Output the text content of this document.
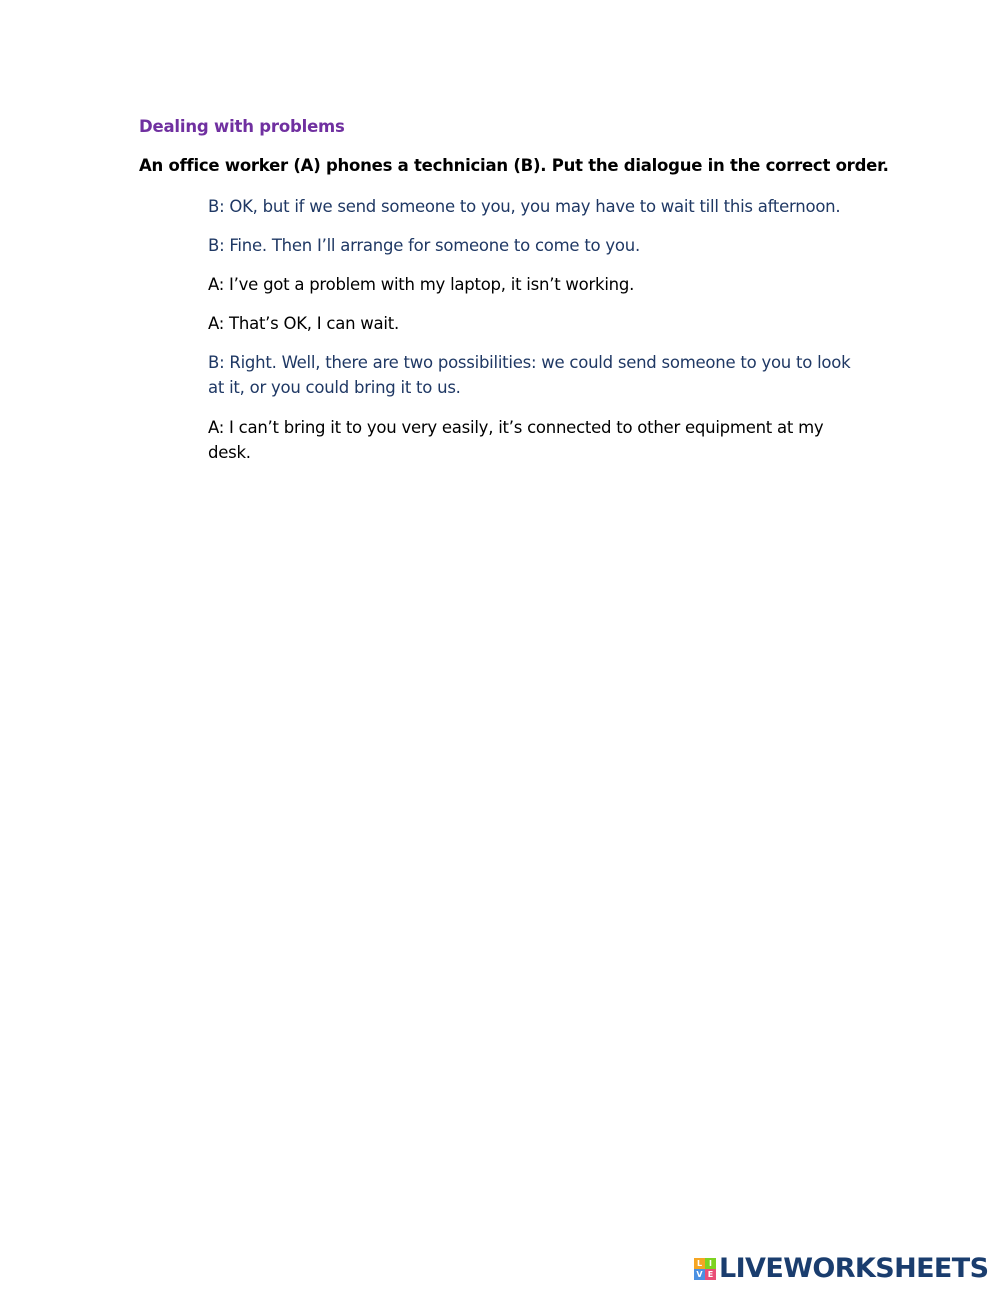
Dealing with problems
An office worker (A) phones a technician (B). Put the dialogue in the correct order.
B: OK, but if we send someone to you, you may have to wait till this afternoon.
B: Fine. Then I’ll arrange for someone to come to you.
A: I’ve got a problem with my laptop, it isn’t working.
A: That’s OK, I can wait.
B: Right. Well, there are two possibilities: we could send someone to you to look at it, or you could bring it to us.
A: I can’t bring it to you very easily, it’s connected to other equipment at my desk.
L I
V E LIVEWORKSHEETS
